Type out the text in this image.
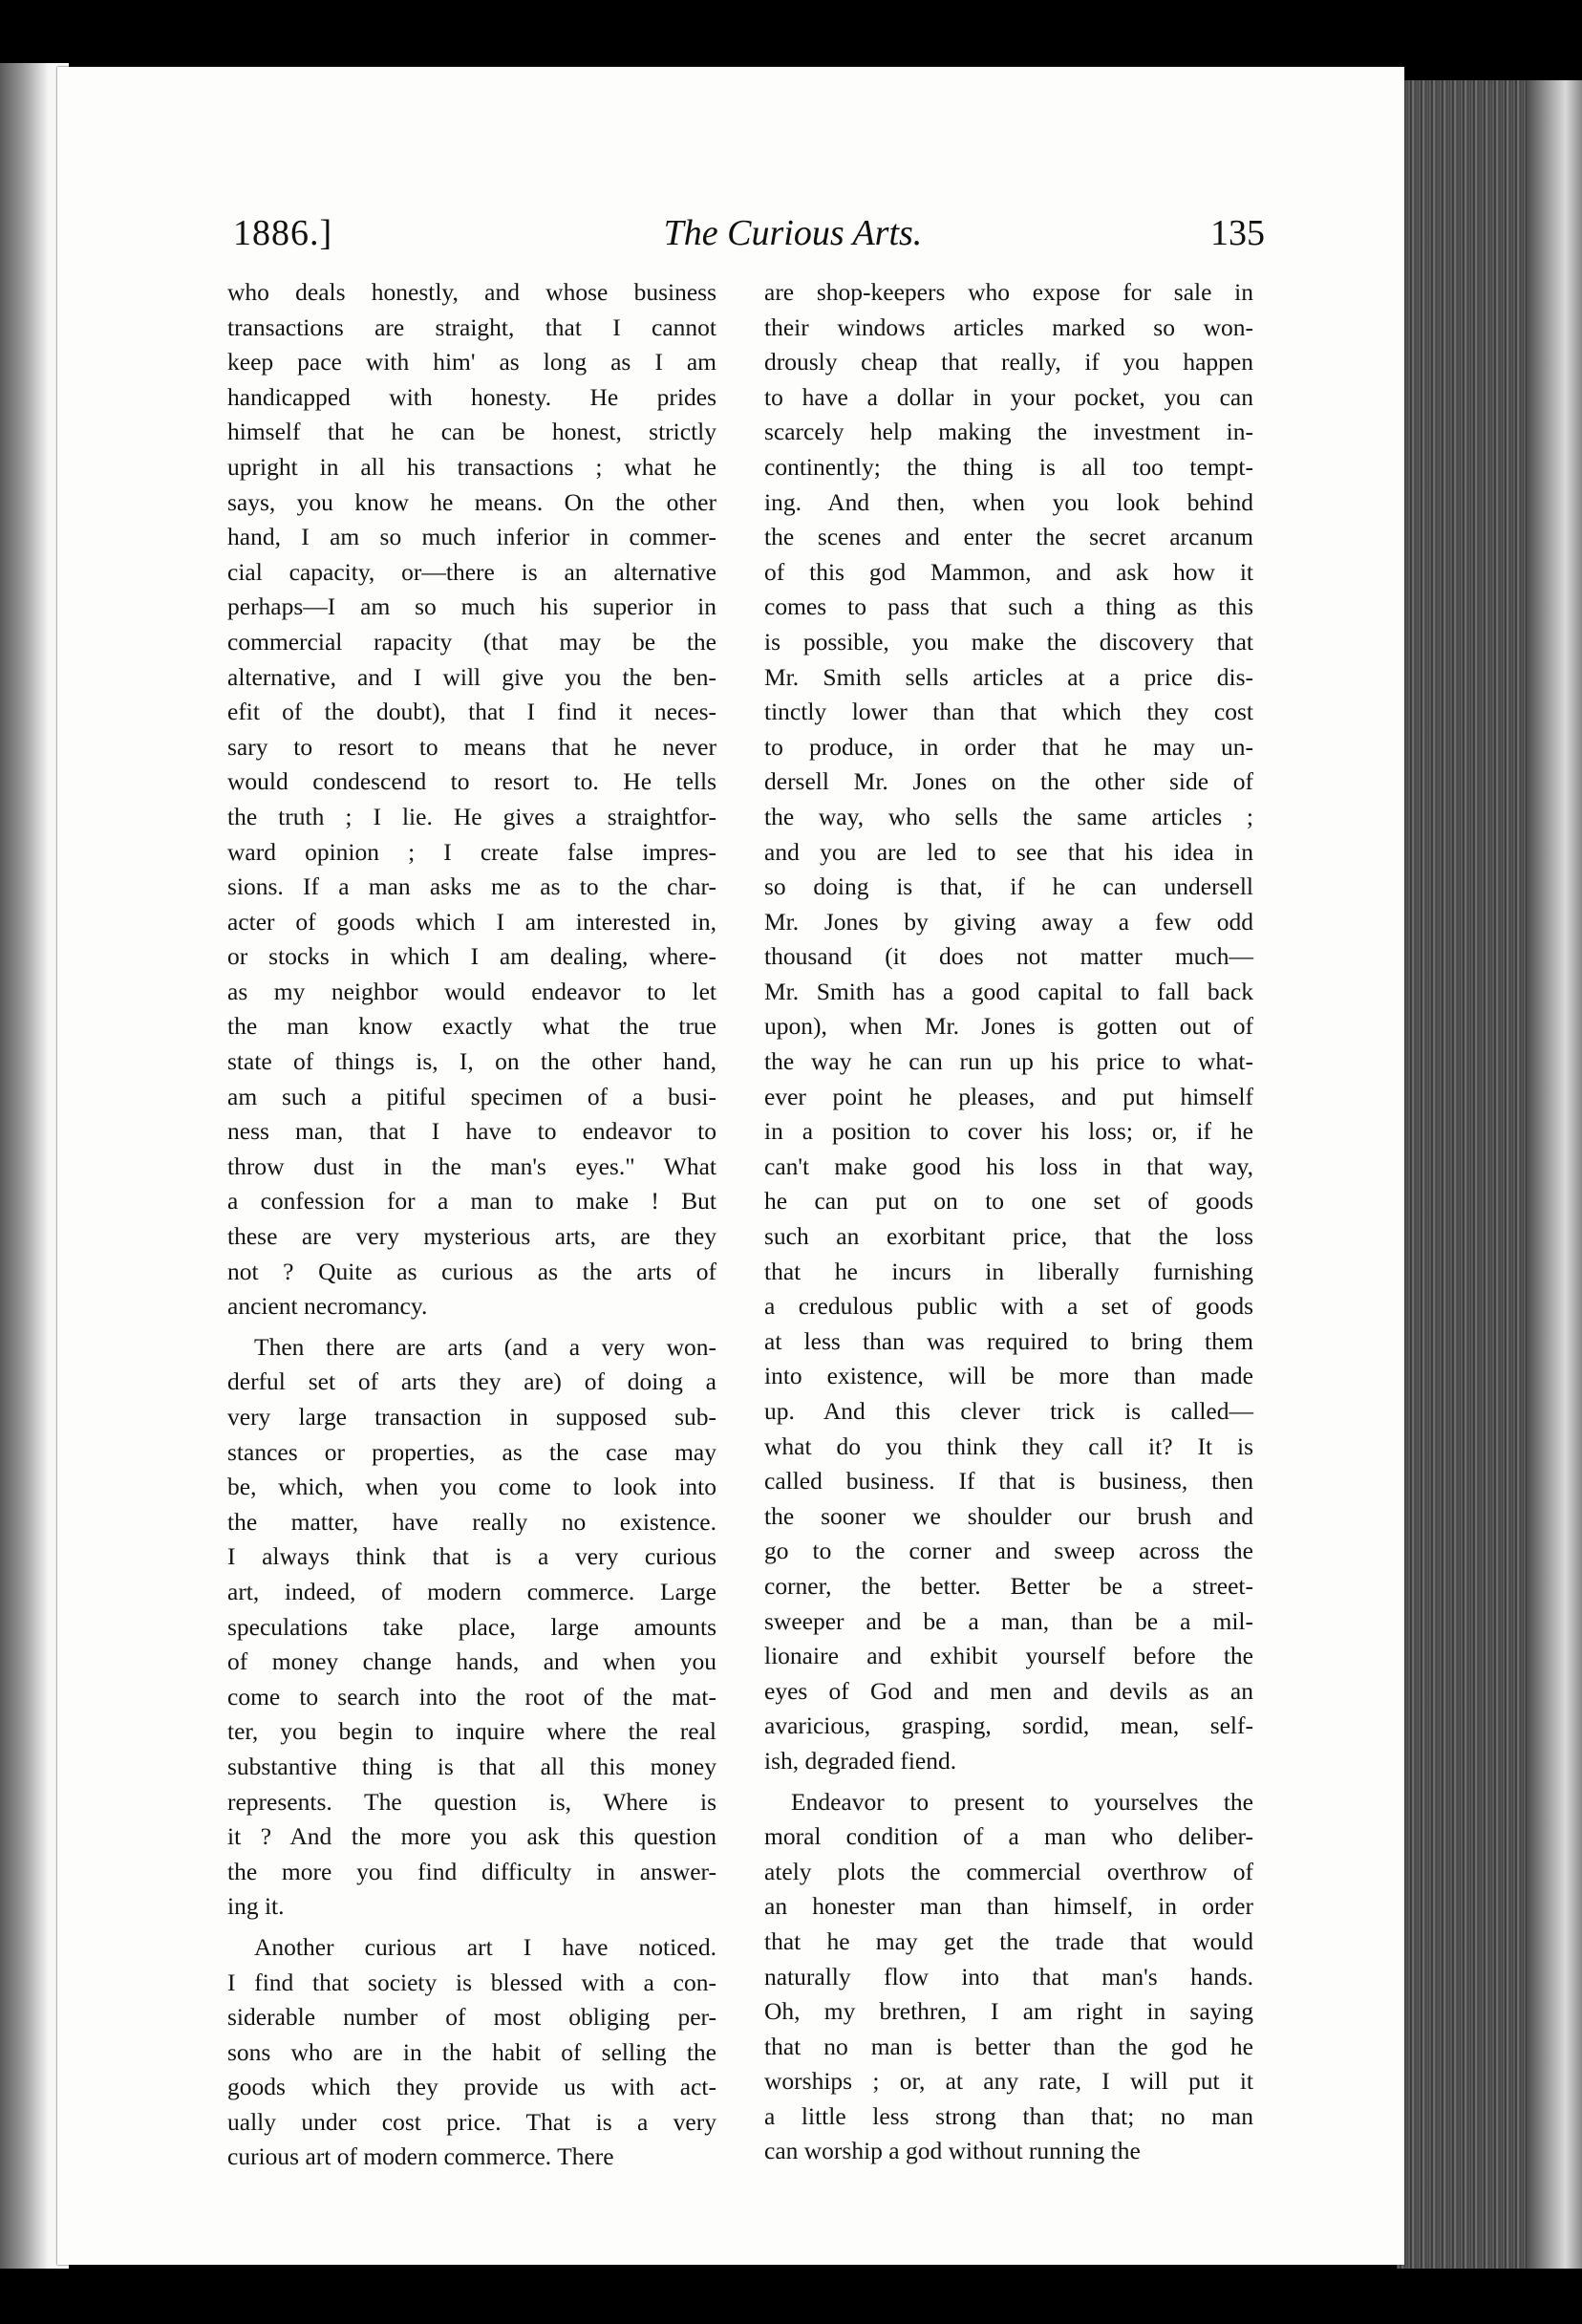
1886.]	The Curious Arts.	135
who deals honestly, and whose business
transactions are straight, that I cannot
keep pace with him' as long as I am
handicapped with honesty. He prides
himself that he can be honest, strictly
upright in all his transactions ; what he
says, you know he means. On the other
hand, I am so much inferior in commer-
cial capacity, or—there is an alternative
perhaps—I am so much his superior in
commercial rapacity (that may be the
alternative, and I will give you the ben-
efit of the doubt), that I find it neces-
sary to resort to means that he never
would condescend to resort to. He tells
the truth ; I lie. He gives a straightfor-
ward opinion ; I create false impres-
sions. If a man asks me as to the char-
acter of goods which I am interested in,
or stocks in which I am dealing, where-
as my neighbor would endeavor to let
the man know exactly what the true
state of things is, I, on the other hand,
am such a pitiful specimen of a busi-
ness man, that I have to endeavor to
throw dust in the man's eyes." What
a confession for a man to make ! But
these are very mysterious arts, are they
not ? Quite as curious as the arts of
ancient necromancy.
Then there are arts (and a very won-
derful set of arts they are) of doing a
very large transaction in supposed sub-
stances or properties, as the case may
be, which, when you come to look into
the matter, have really no existence.
I always think that is a very curious
art, indeed, of modern commerce. Large
speculations take place, large amounts
of money change hands, and when you
come to search into the root of the mat-
ter, you begin to inquire where the real
substantive thing is that all this money
represents. The question is, Where is
it ? And the more you ask this question
the more you find difficulty in answer-
ing it.
Another curious art I have noticed.
I find that society is blessed with a con-
siderable number of most obliging per-
sons who are in the habit of selling the
goods which they provide us with act-
ually under cost price. That is a very
curious art of modern commerce. There
are shop-keepers who expose for sale in
their windows articles marked so won-
drously cheap that really, if you happen
to have a dollar in your pocket, you can
scarcely help making the investment in-
continently; the thing is all too tempt-
ing. And then, when you look behind
the scenes and enter the secret arcanum
of this god Mammon, and ask how it
comes to pass that such a thing as this
is possible, you make the discovery that
Mr. Smith sells articles at a price dis-
tinctly lower than that which they cost
to produce, in order that he may un-
dersell Mr. Jones on the other side of
the way, who sells the same articles ;
and you are led to see that his idea in
so doing is that, if he can undersell
Mr. Jones by giving away a few odd
thousand (it does not matter much—
Mr. Smith has a good capital to fall back
upon), when Mr. Jones is gotten out of
the way he can run up his price to what-
ever point he pleases, and put himself
in a position to cover his loss; or, if he
can't make good his loss in that way,
he can put on to one set of goods
such an exorbitant price, that the loss
that he incurs in liberally furnishing
a credulous public with a set of goods
at less than was required to bring them
into existence, will be more than made
up. And this clever trick is called—
what do you think they call it? It is
called business. If that is business, then
the sooner we shoulder our brush and
go to the corner and sweep across the
corner, the better. Better be a street-
sweeper and be a man, than be a mil-
lionaire and exhibit yourself before the
eyes of God and men and devils as an
avaricious, grasping, sordid, mean, self-
ish, degraded fiend.
Endeavor to present to yourselves the
moral condition of a man who deliber-
ately plots the commercial overthrow of
an honester man than himself, in order
that he may get the trade that would
naturally flow into that man's hands.
Oh, my brethren, I am right in saying
that no man is better than the god he
worships ; or, at any rate, I will put it
a little less strong than that; no man
can worship a god without running the
